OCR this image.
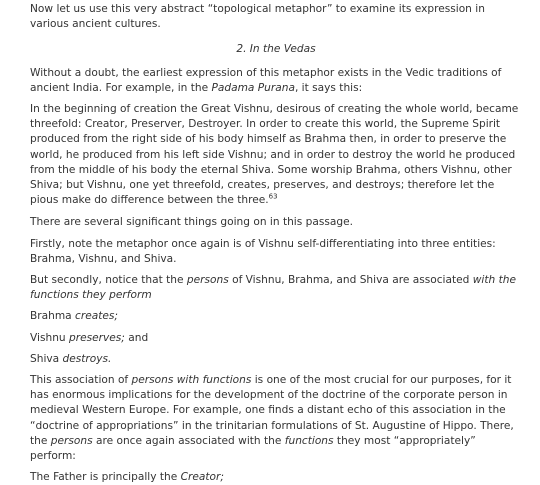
Now let us use this very abstract “topological metaphor” to examine its expression in various ancient cultures.

2. In the Vedas

Without a doubt, the earliest expression of this metaphor exists in the Vedic traditions of ancient India. For example, in the Padama Purana, it says this:

In the beginning of creation the Great Vishnu, desirous of creating the whole world, became threefold: Creator, Preserver, Destroyer. In order to create this world, the Supreme Spirit produced from the right side of his body himself as Brahma then, in order to preserve the world, he produced from his left side Vishnu; and in order to destroy the world he produced from the middle of his body the eternal Shiva. Some worship Brahma, others Vishnu, other Shiva; but Vishnu, one yet threefold, creates, preserves, and destroys; therefore let the pious make do difference between the three.$^{63}$

There are several significant things going on in this passage.

Firstly, note the metaphor once again is of Vishnu self-differentiating into three entities: Brahma, Vishnu, and Shiva.

But secondly, notice that the persons of Vishnu, Brahma, and Shiva are associated with the functions they perform

Brahma creates;

Vishnu preserves; and

Shiva destroys.

This association of persons with functions is one of the most crucial for our purposes, for it has enormous implications for the development of the doctrine of the corporate person in medieval Western Europe. For example, one finds a distant echo of this association in the “doctrine of appropriations” in the trinitarian formulations of St. Augustine of Hippo. There, the persons are once again associated with the functions they most “appropriately” perform:

The Father is principally the Creator;
